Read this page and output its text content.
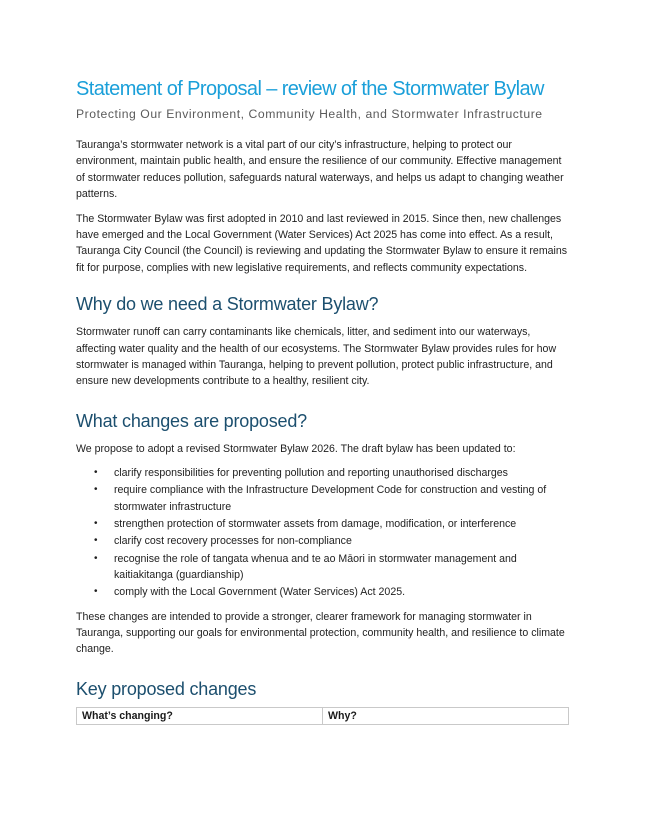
Statement of Proposal – review of the Stormwater Bylaw

Protecting Our Environment, Community Health, and Stormwater Infrastructure

Tauranga’s stormwater network is a vital part of our city’s infrastructure, helping to protect our environment, maintain public health, and ensure the resilience of our community. Effective management of stormwater reduces pollution, safeguards natural waterways, and helps us adapt to changing weather patterns.

The Stormwater Bylaw was first adopted in 2010 and last reviewed in 2015. Since then, new challenges have emerged and the Local Government (Water Services) Act 2025 has come into effect. As a result, Tauranga City Council (the Council) is reviewing and updating the Stormwater Bylaw to ensure it remains fit for purpose, complies with new legislative requirements, and reflects community expectations.

Why do we need a Stormwater Bylaw?

Stormwater runoff can carry contaminants like chemicals, litter, and sediment into our waterways, affecting water quality and the health of our ecosystems. The Stormwater Bylaw provides rules for how stormwater is managed within Tauranga, helping to prevent pollution, protect public infrastructure, and ensure new developments contribute to a healthy, resilient city.

What changes are proposed?

We propose to adopt a revised Stormwater Bylaw 2026. The draft bylaw has been updated to:

• clarify responsibilities for preventing pollution and reporting unauthorised discharges
• require compliance with the Infrastructure Development Code for construction and vesting of stormwater infrastructure
• strengthen protection of stormwater assets from damage, modification, or interference
• clarify cost recovery processes for non-compliance
• recognise the role of tangata whenua and te ao Māori in stormwater management and kaitiakitanga (guardianship)
• comply with the Local Government (Water Services) Act 2025.

These changes are intended to provide a stronger, clearer framework for managing stormwater in Tauranga, supporting our goals for environmental protection, community health, and resilience to climate change.

Key proposed changes
What’s changing?	Why?
